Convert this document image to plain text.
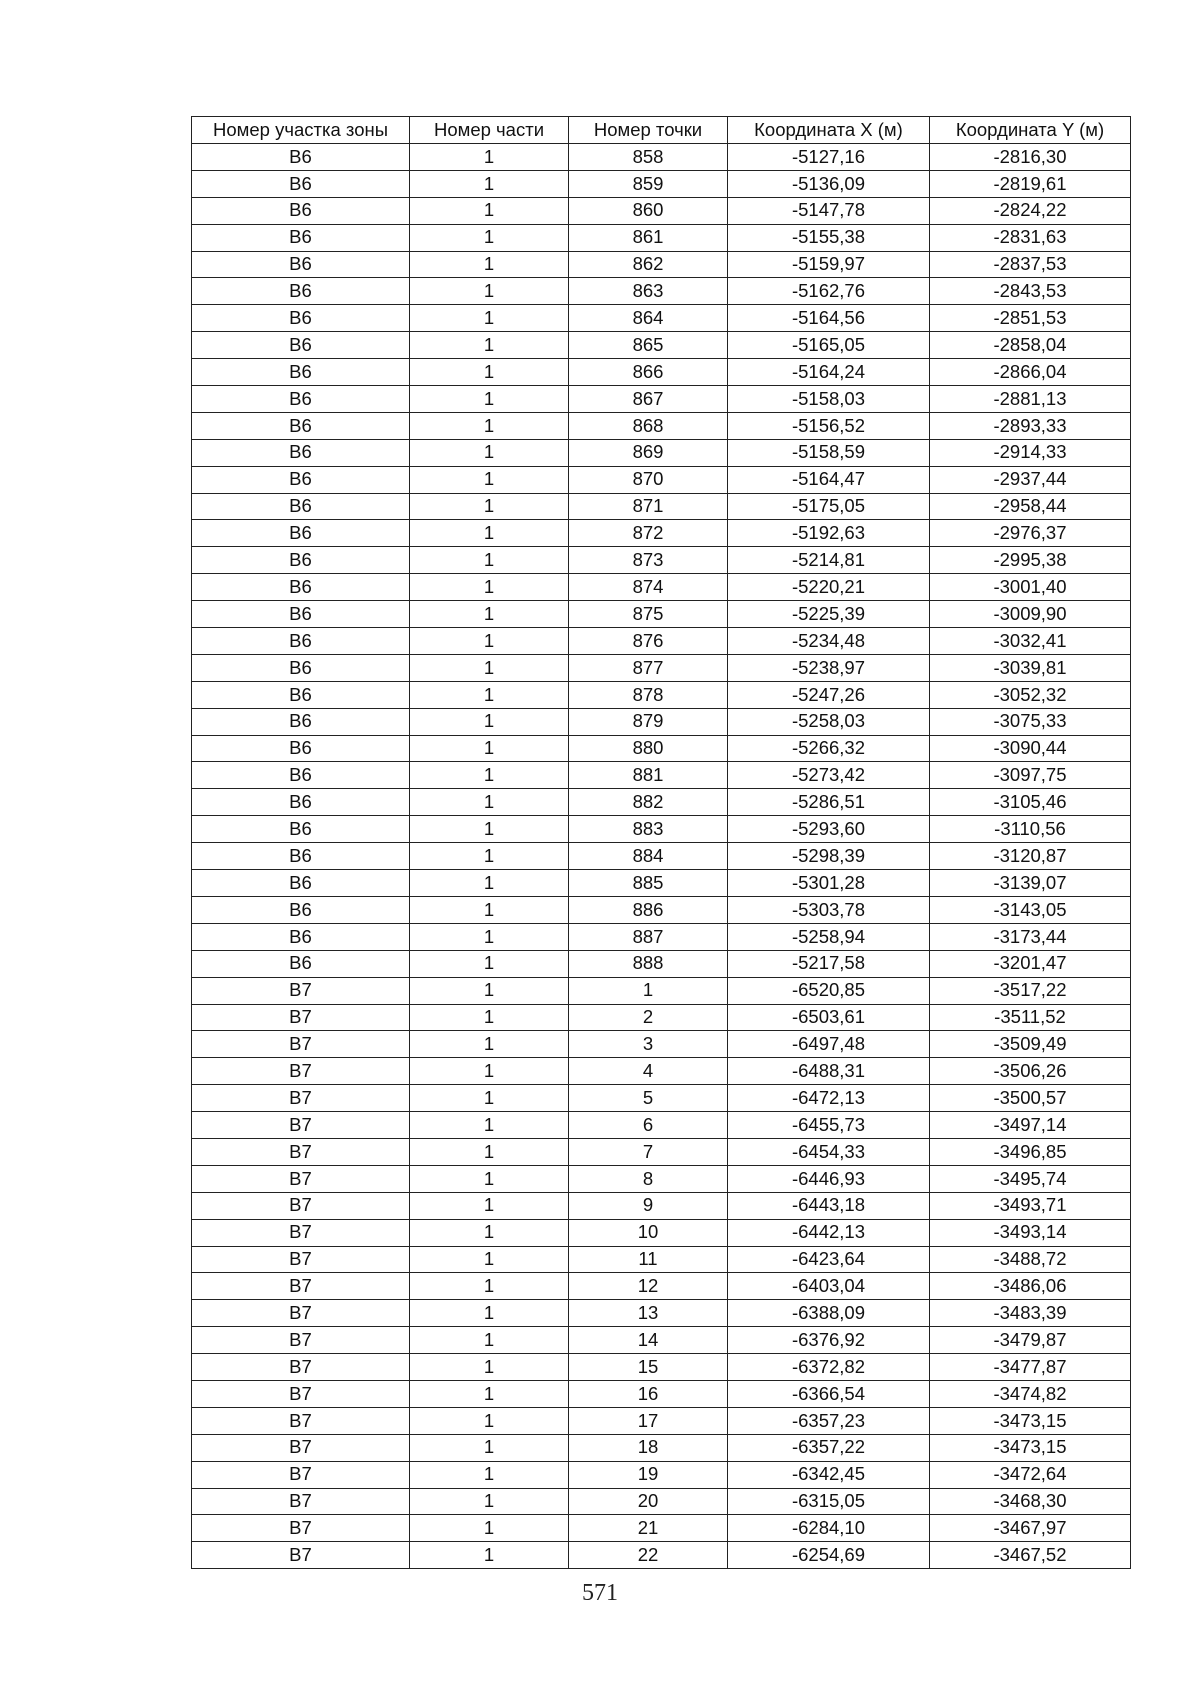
Номер участка зоны	Номер части	Номер точки	Координата X (м)	Координата Y (м)
В6	1	858	-5127,16	-2816,30
В6	1	859	-5136,09	-2819,61
В6	1	860	-5147,78	-2824,22
В6	1	861	-5155,38	-2831,63
В6	1	862	-5159,97	-2837,53
В6	1	863	-5162,76	-2843,53
В6	1	864	-5164,56	-2851,53
В6	1	865	-5165,05	-2858,04
В6	1	866	-5164,24	-2866,04
В6	1	867	-5158,03	-2881,13
В6	1	868	-5156,52	-2893,33
В6	1	869	-5158,59	-2914,33
В6	1	870	-5164,47	-2937,44
В6	1	871	-5175,05	-2958,44
В6	1	872	-5192,63	-2976,37
В6	1	873	-5214,81	-2995,38
В6	1	874	-5220,21	-3001,40
В6	1	875	-5225,39	-3009,90
В6	1	876	-5234,48	-3032,41
В6	1	877	-5238,97	-3039,81
В6	1	878	-5247,26	-3052,32
В6	1	879	-5258,03	-3075,33
В6	1	880	-5266,32	-3090,44
В6	1	881	-5273,42	-3097,75
В6	1	882	-5286,51	-3105,46
В6	1	883	-5293,60	-3110,56
В6	1	884	-5298,39	-3120,87
В6	1	885	-5301,28	-3139,07
В6	1	886	-5303,78	-3143,05
В6	1	887	-5258,94	-3173,44
В6	1	888	-5217,58	-3201,47
В7	1	1	-6520,85	-3517,22
В7	1	2	-6503,61	-3511,52
В7	1	3	-6497,48	-3509,49
В7	1	4	-6488,31	-3506,26
В7	1	5	-6472,13	-3500,57
В7	1	6	-6455,73	-3497,14
В7	1	7	-6454,33	-3496,85
В7	1	8	-6446,93	-3495,74
В7	1	9	-6443,18	-3493,71
В7	1	10	-6442,13	-3493,14
В7	1	11	-6423,64	-3488,72
В7	1	12	-6403,04	-3486,06
В7	1	13	-6388,09	-3483,39
В7	1	14	-6376,92	-3479,87
В7	1	15	-6372,82	-3477,87
В7	1	16	-6366,54	-3474,82
В7	1	17	-6357,23	-3473,15
В7	1	18	-6357,22	-3473,15
В7	1	19	-6342,45	-3472,64
В7	1	20	-6315,05	-3468,30
В7	1	21	-6284,10	-3467,97
В7	1	22	-6254,69	-3467,52
571
